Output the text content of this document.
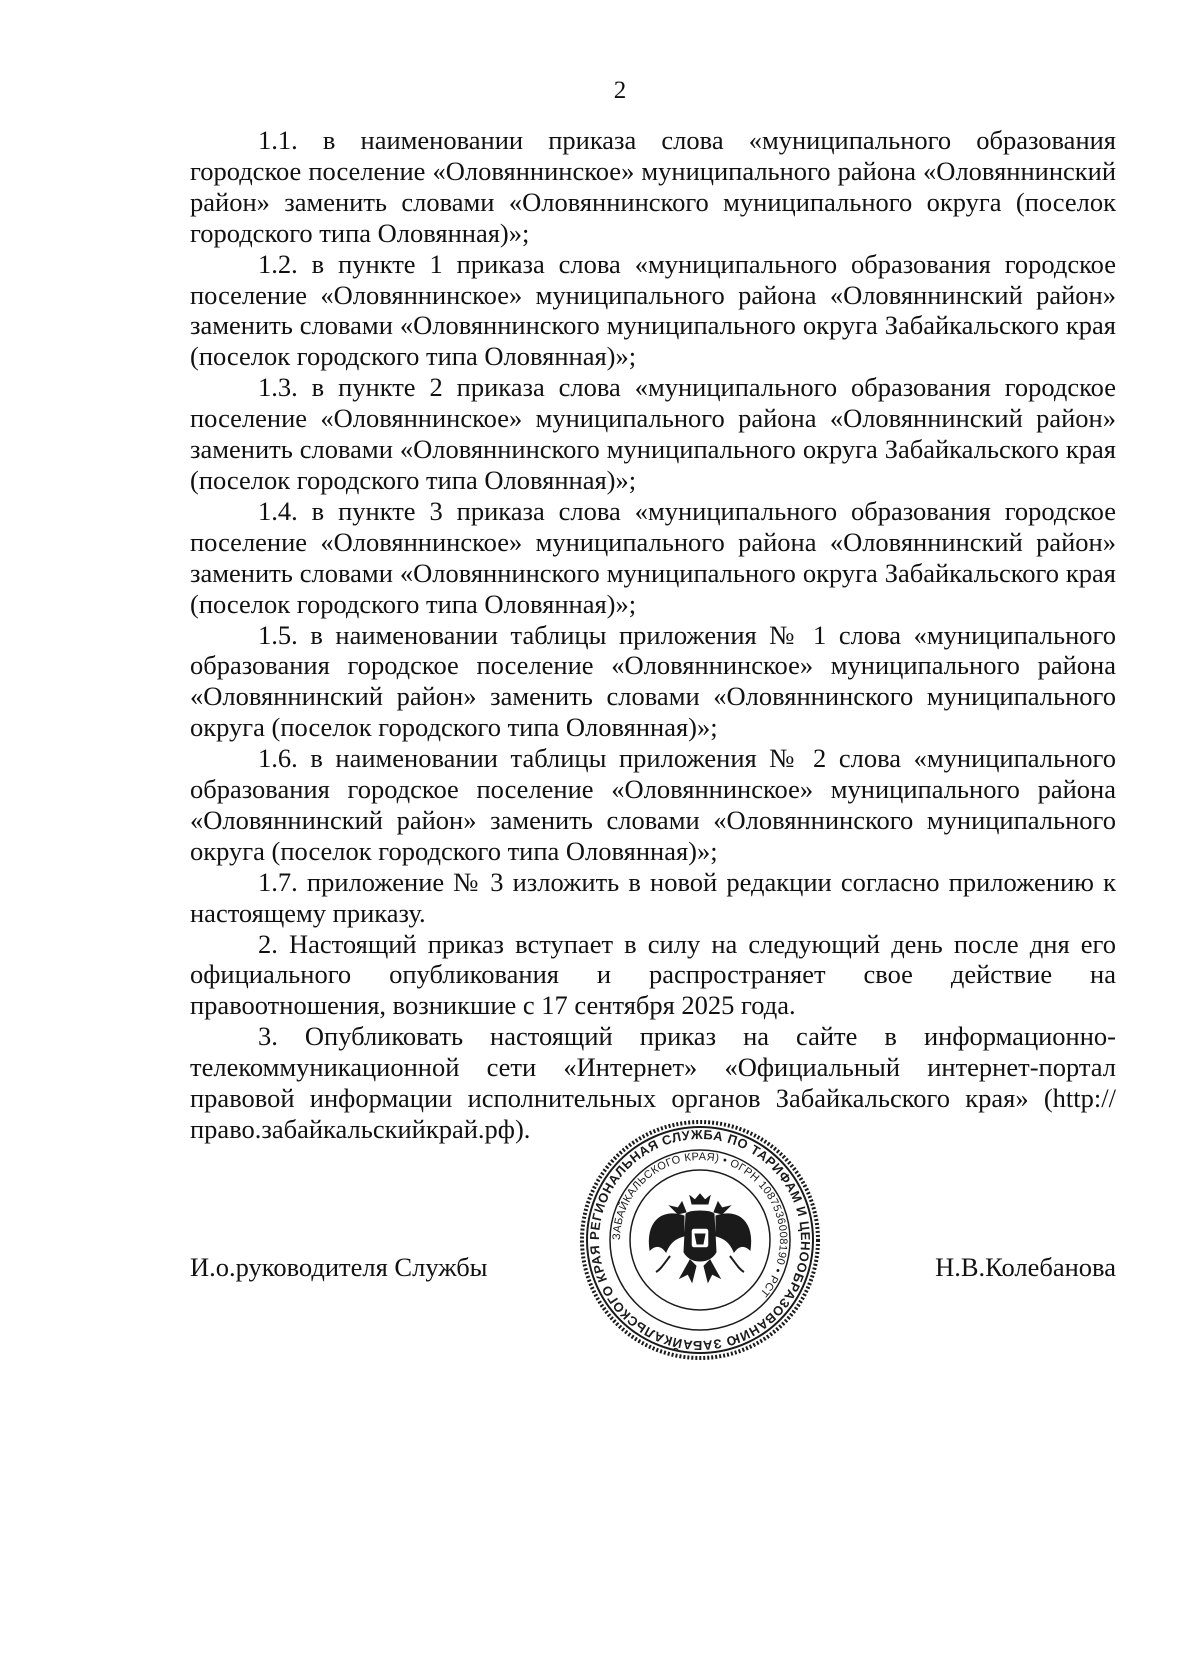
2

1.1. в наименовании приказа слова «муниципального образования городское поселение «Оловяннинское» муниципального района «Оловяннинский район» заменить словами «Оловяннинского муниципального округа (поселок городского типа Оловянная)»;

1.2. в пункте 1 приказа слова «муниципального образования городское поселение «Оловяннинское» муниципального района «Оловяннинский район» заменить словами «Оловяннинского муниципального округа Забайкальского края (поселок городского типа Оловянная)»;

1.3. в пункте 2 приказа слова «муниципального образования городское поселение «Оловяннинское» муниципального района «Оловяннинский район» заменить словами «Оловяннинского муниципального округа Забайкальского края (поселок городского типа Оловянная)»;

1.4. в пункте 3 приказа слова «муниципального образования городское поселение «Оловяннинское» муниципального района «Оловяннинский район» заменить словами «Оловяннинского муниципального округа Забайкальского края (поселок городского типа Оловянная)»;

1.5. в наименовании таблицы приложения № 1 слова «муниципального образования городское поселение «Оловяннинское» муниципального района «Оловяннинский район» заменить словами «Оловяннинского муниципального округа (поселок городского типа Оловянная)»;

1.6. в наименовании таблицы приложения № 2 слова «муниципального образования городское поселение «Оловяннинское» муниципального района «Оловяннинский район» заменить словами «Оловяннинского муниципального округа (поселок городского типа Оловянная)»;

1.7. приложение № 3 изложить в новой редакции согласно приложению к настоящему приказу.

2. Настоящий приказ вступает в силу на следующий день после дня его официального опубликования и распространяет свое действие на правоотношения, возникшие с 17 сентября 2025 года.

3. Опубликовать настоящий приказ на сайте в информационно-телекоммуникационной сети «Интернет» «Официальный интернет-портал правовой информации исполнительных органов Забайкальского края» (http://право.забайкальскийкрай.рф).

И.о.руководителя Службы	Н.В.Колебанова
РЕГИОНАЛЬНАЯ СЛУЖБА ПО ТАРИФАМ И ЦЕНООБРАЗОВАНИЮ ЗАБАЙКАЛЬСКОГО КРАЯ
ЗАБАЙКАЛЬСКОГО КРАЯ) • ОГРН 1087536008190 • РСТ
